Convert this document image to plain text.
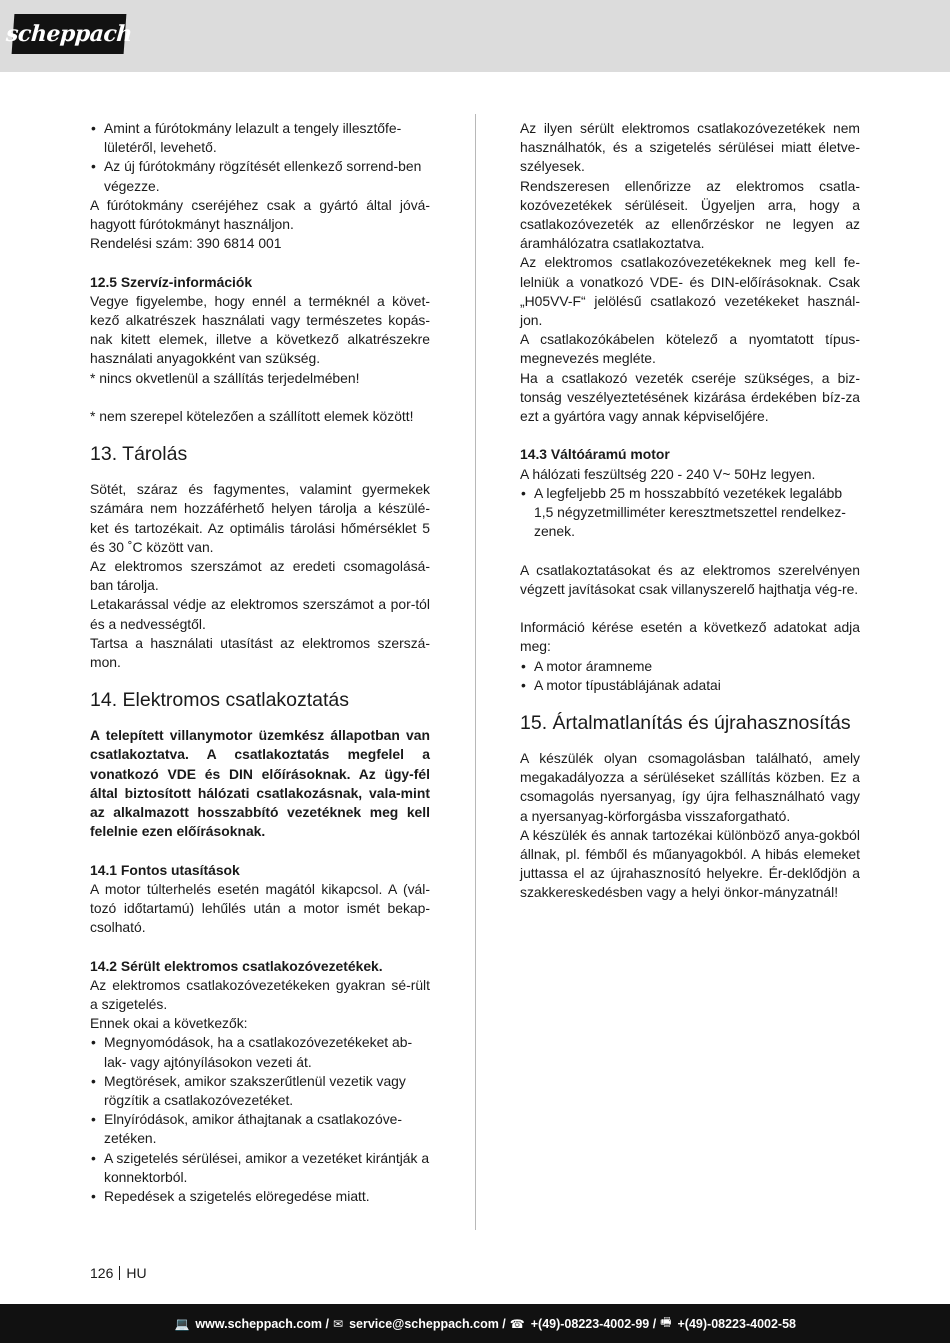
scheppach
• Amint a fúrótokmány lelazult a tengely illesztőfe-lületéről, levehető.
• Az új fúrótokmány rögzítését ellenkező sorrend-ben végezze.

A fúrótokmány cseréjéhez csak a gyártó által jóvá-hagyott fúrótokmányt használjon.

Rendelési szám: 390 6814 001

12.5 Szervíz-információk

Vegye figyelembe, hogy ennél a terméknél a követ-kező alkatrészek használati vagy természetes kopás-nak kitett elemek, illetve a következő alkatrészekre használati anyagokként van szükség.

* nincs okvetlenül a szállítás terjedelmében!

* nem szerepel kötelezően a szállított elemek között!

13. Tárolás

Sötét, száraz és fagymentes, valamint gyermekek számára nem hozzáférhető helyen tárolja a készülé-ket és tartozékait. Az optimális tárolási hőmérséklet 5 és 30 ˚C között van.

Az elektromos szerszámot az eredeti csomagolásá-ban tárolja.

Letakarással védje az elektromos szerszámot a por-tól és a nedvességtől.

Tartsa a használati utasítást az elektromos szerszá-mon.

14. Elektromos csatlakoztatás

A telepített villanymotor üzemkész állapotban van csatlakoztatva. A csatlakoztatás megfelel a vonatkozó VDE és DIN előírásoknak. Az ügy-fél által biztosított hálózati csatlakozásnak, vala-mint az alkalmazott hosszabbító vezetéknek meg kell felelnie ezen előírásoknak.

14.1 Fontos utasítások

A motor túlterhelés esetén magától kikapcsol. A (vál-tozó időtartamú) lehűlés után a motor ismét bekap-csolható.

14.2 Sérült elektromos csatlakozóvezetékek.

Az elektromos csatlakozóvezetékeken gyakran sé-rült a szigetelés.

Ennek okai a következők:

• Megnyomódások, ha a csatlakozóvezetékeket ab-lak- vagy ajtónyílásokon vezeti át.
• Megtörések, amikor szakszerűtlenül vezetik vagy rögzítik a csatlakozóvezetéket.
• Elnyíródások, amikor áthajtanak a csatlakozóve-zetéken.
• A szigetelés sérülései, amikor a vezetéket kirántják a konnektorból.
• Repedések a szigetelés elöregedése miatt.

Az ilyen sérült elektromos csatlakozóvezetékek nem használhatók, és a szigetelés sérülései miatt életve-szélyesek.

Rendszeresen ellenőrizze az elektromos csatla-kozóvezetékek sérüléseit. Ügyeljen arra, hogy a csatlakozóvezeték az ellenőrzéskor ne legyen az áramhálózatra csatlakoztatva.

Az elektromos csatlakozóvezetékeknek meg kell fe-lelniük a vonatkozó VDE- és DIN-előírásoknak. Csak „H05VV-F“ jelölésű csatlakozó vezetékeket használ-jon.

A csatlakozókábelen kötelező a nyomtatott típus-megnevezés megléte.

Ha a csatlakozó vezeték cseréje szükséges, a biz-tonság veszélyeztetésének kizárása érdekében bíz-za ezt a gyártóra vagy annak képviselőjére.

14.3 Váltóáramú motor

A hálózati feszültség 220 - 240 V~ 50Hz legyen.

• A legfeljebb 25 m hosszabbító vezetékek legalább 1,5 négyzetmilliméter keresztmetszettel rendelkez-zenek.

A csatlakoztatásokat és az elektromos szerelvényen végzett javításokat csak villanyszerelő hajthatja vég-re.

Információ kérése esetén a következő adatokat adja meg:

• A motor áramneme
• A motor típustáblájának adatai
15. Ártalmatlanítás és újrahasznosítás

A készülék olyan csomagolásban található, amely megakadályozza a sérüléseket szállítás közben. Ez a csomagolás nyersanyag, így újra felhasználható vagy a nyersanyag-körforgásba visszaforgatható.

A készülék és annak tartozékai különböző anya-gokból állnak, pl. fémből és műanyagokból. A hibás elemeket juttassa el az újrahasznosító helyekre. Ér-deklődjön a szakkereskedésben vagy a helyi önkor-mányzatnál!

126 HU
💻 www.scheppach.com / ✉ service@scheppach.com / ☎ +(49)-08223-4002-99 / 🖷 +(49)-08223-4002-58
